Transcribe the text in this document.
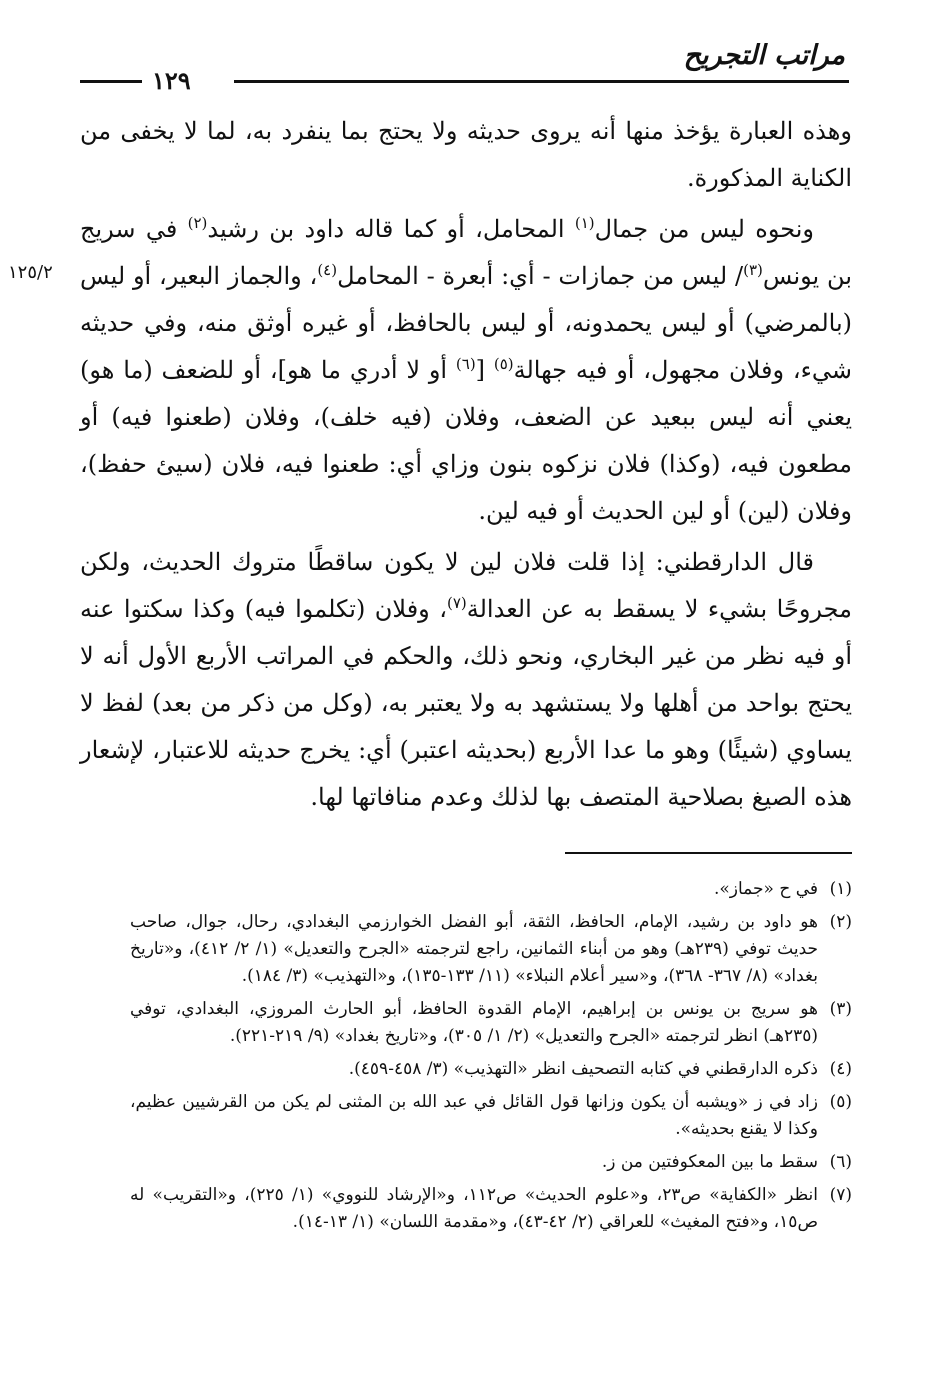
مراتب التجريح
١٢٩
١٢٥/٢

وهذه العبارة يؤخذ منها أنه يروى حديثه ولا يحتج بما ينفرد به، لما لا يخفى من الكناية المذكورة.

ونحوه ليس من جمال$^{(١)}$ المحامل، أو كما قاله داود بن رشيد$^{(٢)}$ في سريج بن يونس$^{(٣)}$/ ليس من جمازات - أي: أبعرة - المحامل$^{(٤)}$، والجماز البعير، أو ليس (بالمرضي) أو ليس يحمدونه، أو ليس بالحافظ، أو غيره أوثق منه، وفي حديثه شيء، وفلان مجهول، أو فيه جهالة$^{(٥)}$ [$^{(٦)}$ أو لا أدري ما هو]، أو للضعف (ما هو) يعني أنه ليس ببعيد عن الضعف، وفلان (فيه خلف)، وفلان (طعنوا فيه) أو مطعون فيه، (وكذا) فلان نزكوه بنون وزاي أي: طعنوا فيه، فلان (سيئ حفظ)، وفلان (لين) أو لين الحديث أو فيه لين.

قال الدارقطني: إذا قلت فلان لين لا يكون ساقطًا متروك الحديث، ولكن مجروحًا بشيء لا يسقط به عن العدالة$^{(٧)}$، وفلان (تكلموا فيه) وكذا سكتوا عنه أو فيه نظر من غير البخاري، ونحو ذلك، والحكم في المراتب الأربع الأول أنه لا يحتج بواحد من أهلها ولا يستشهد به ولا يعتبر به، (وكل من ذكر من بعد) لفظ لا يساوي (شيئًا) وهو ما عدا الأربع (بحديثه اعتبر) أي: يخرج حديثه للاعتبار، لإشعار هذه الصيغ بصلاحية المتصف بها لذلك وعدم منافاتها لها.

(١)
في ح «جماز».
(٢)
هو داود بن رشيد، الإمام، الحافظ، الثقة، أبو الفضل الخوارزمي البغدادي، رحال، جوال، صاحب حديث توفي (٢٣٩هـ) وهو من أبناء الثمانين، راجع لترجمته «الجرح والتعديل» (١/ ٢/ ٤١٢)، و«تاريخ بغداد» (٨/ ٣٦٧- ٣٦٨)، و«سير أعلام النبلاء» (١١/ ١٣٣-١٣٥)، و«التهذيب» (٣/ ١٨٤).
(٣)
هو سريج بن يونس بن إبراهيم، الإمام القدوة الحافظ، أبو الحارث المروزي، البغدادي، توفي (٢٣٥هـ) انظر لترجمته «الجرح والتعديل» (٢/ ١/ ٣٠٥)، و«تاريخ بغداد» (٩/ ٢١٩-٢٢١).
(٤)
ذكره الدارقطني في كتابه التصحيف انظر «التهذيب» (٣/ ٤٥٨-٤٥٩).
(٥)
زاد في ز «ويشبه أن يكون وزانها قول القائل في عبد الله بن المثنى لم يكن من القرشيين عظيم، وكذا لا يقنع بحديثه».
(٦)
سقط ما بين المعكوفتين من ز.
(٧)
انظر «الكفاية» ص٢٣، و«علوم الحديث» ص١١٢، و«الإرشاد للنووي» (١/ ٢٢٥)، و«التقريب» له ص١٥، و«فتح المغيث» للعراقي (٢/ ٤٢-٤٣)، و«مقدمة اللسان» (١/ ١٣-١٤).
